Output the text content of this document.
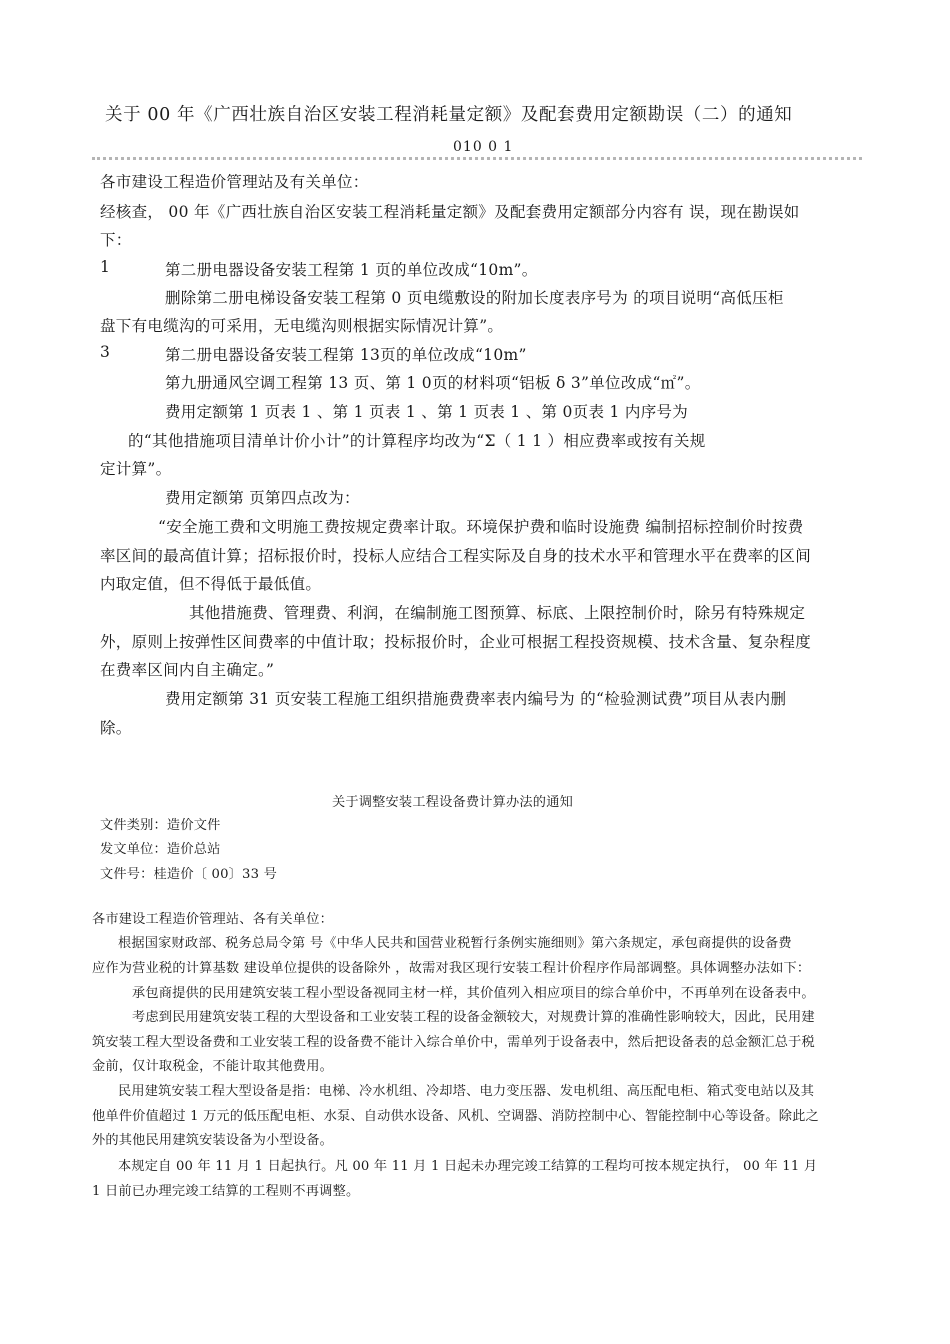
关于 00 年《广西壮族自治区安装工程消耗量定额》及配套费用定额勘误（二）的通知
010 0 1
各市建设工程造价管理站及有关单位：
经核查， 00 年《广西壮族自治区安装工程消耗量定额》及配套费用定额部分内容有 误，现在勘误如
下：
1	第二册电器设备安装工程第 1 页的单位改成“10m”。
删除第二册电梯设备安装工程第 0 页电缆敷设的附加长度表序号为 的项目说明“高低压柜
盘下有电缆沟的可采用，无电缆沟则根据实际情况计算”。
3	第二册电器设备安装工程第 13页的单位改成“10m”
第九册通风空调工程第 13 页、第 1 0页的材料项“铝板 δ 3”单位改成“㎡”。
费用定额第 1 页表 1 、第 1 页表 1 、第 1 页表 1 、第 0页表 1 内序号为
的“其他措施项目清单计价小计”的计算程序均改为“Σ（ 1 1 ）相应费率或按有关规
定计算”。
费用定额第 页第四点改为：
“安全施工费和文明施工费按规定费率计取。环境保护费和临时设施费 编制招标控制价时按费
率区间的最高值计算；招标报价时，投标人应结合工程实际及自身的技术水平和管理水平在费率的区间
内取定值，但不得低于最低值。
其他措施费、管理费、利润，在编制施工图预算、标底、上限控制价时，除另有特殊规定
外，原则上按弹性区间费率的中值计取；投标报价时，企业可根据工程投资规模、技术含量、复杂程度
在费率区间内自主确定。”
费用定额第 31 页安装工程施工组织措施费费率表内编号为 的“检验测试费”项目从表内删
除。
关于调整安装工程设备费计算办法的通知
文件类别：造价文件
发文单位：造价总站
文件号：桂造价〔 00〕33 号
各市建设工程造价管理站、各有关单位：
根据国家财政部、税务总局令第 号《中华人民共和国营业税暂行条例实施细则》第六条规定，承包商提供的设备费
应作为营业税的计算基数 建设单位提供的设备除外 ，故需对我区现行安装工程计价程序作局部调整。具体调整办法如下：
承包商提供的民用建筑安装工程小型设备视同主材一样，其价值列入相应项目的综合单价中，不再单列在设备表中。
考虑到民用建筑安装工程的大型设备和工业安装工程的设备金额较大，对规费计算的准确性影响较大，因此，民用建
筑安装工程大型设备费和工业安装工程的设备费不能计入综合单价中，需单列于设备表中，然后把设备表的总金额汇总于税
金前，仅计取税金，不能计取其他费用。
民用建筑安装工程大型设备是指：电梯、冷水机组、冷却塔、电力变压器、发电机组、高压配电柜、箱式变电站以及其
他单件价值超过 1 万元的低压配电柜、水泵、自动供水设备、风机、空调器、消防控制中心、智能控制中心等设备。除此之
外的其他民用建筑安装设备为小型设备。
本规定自 00 年 11 月 1 日起执行。凡 00 年 11 月 1 日起未办理完竣工结算的工程均可按本规定执行， 00 年 11 月
1 日前已办理完竣工结算的工程则不再调整。
